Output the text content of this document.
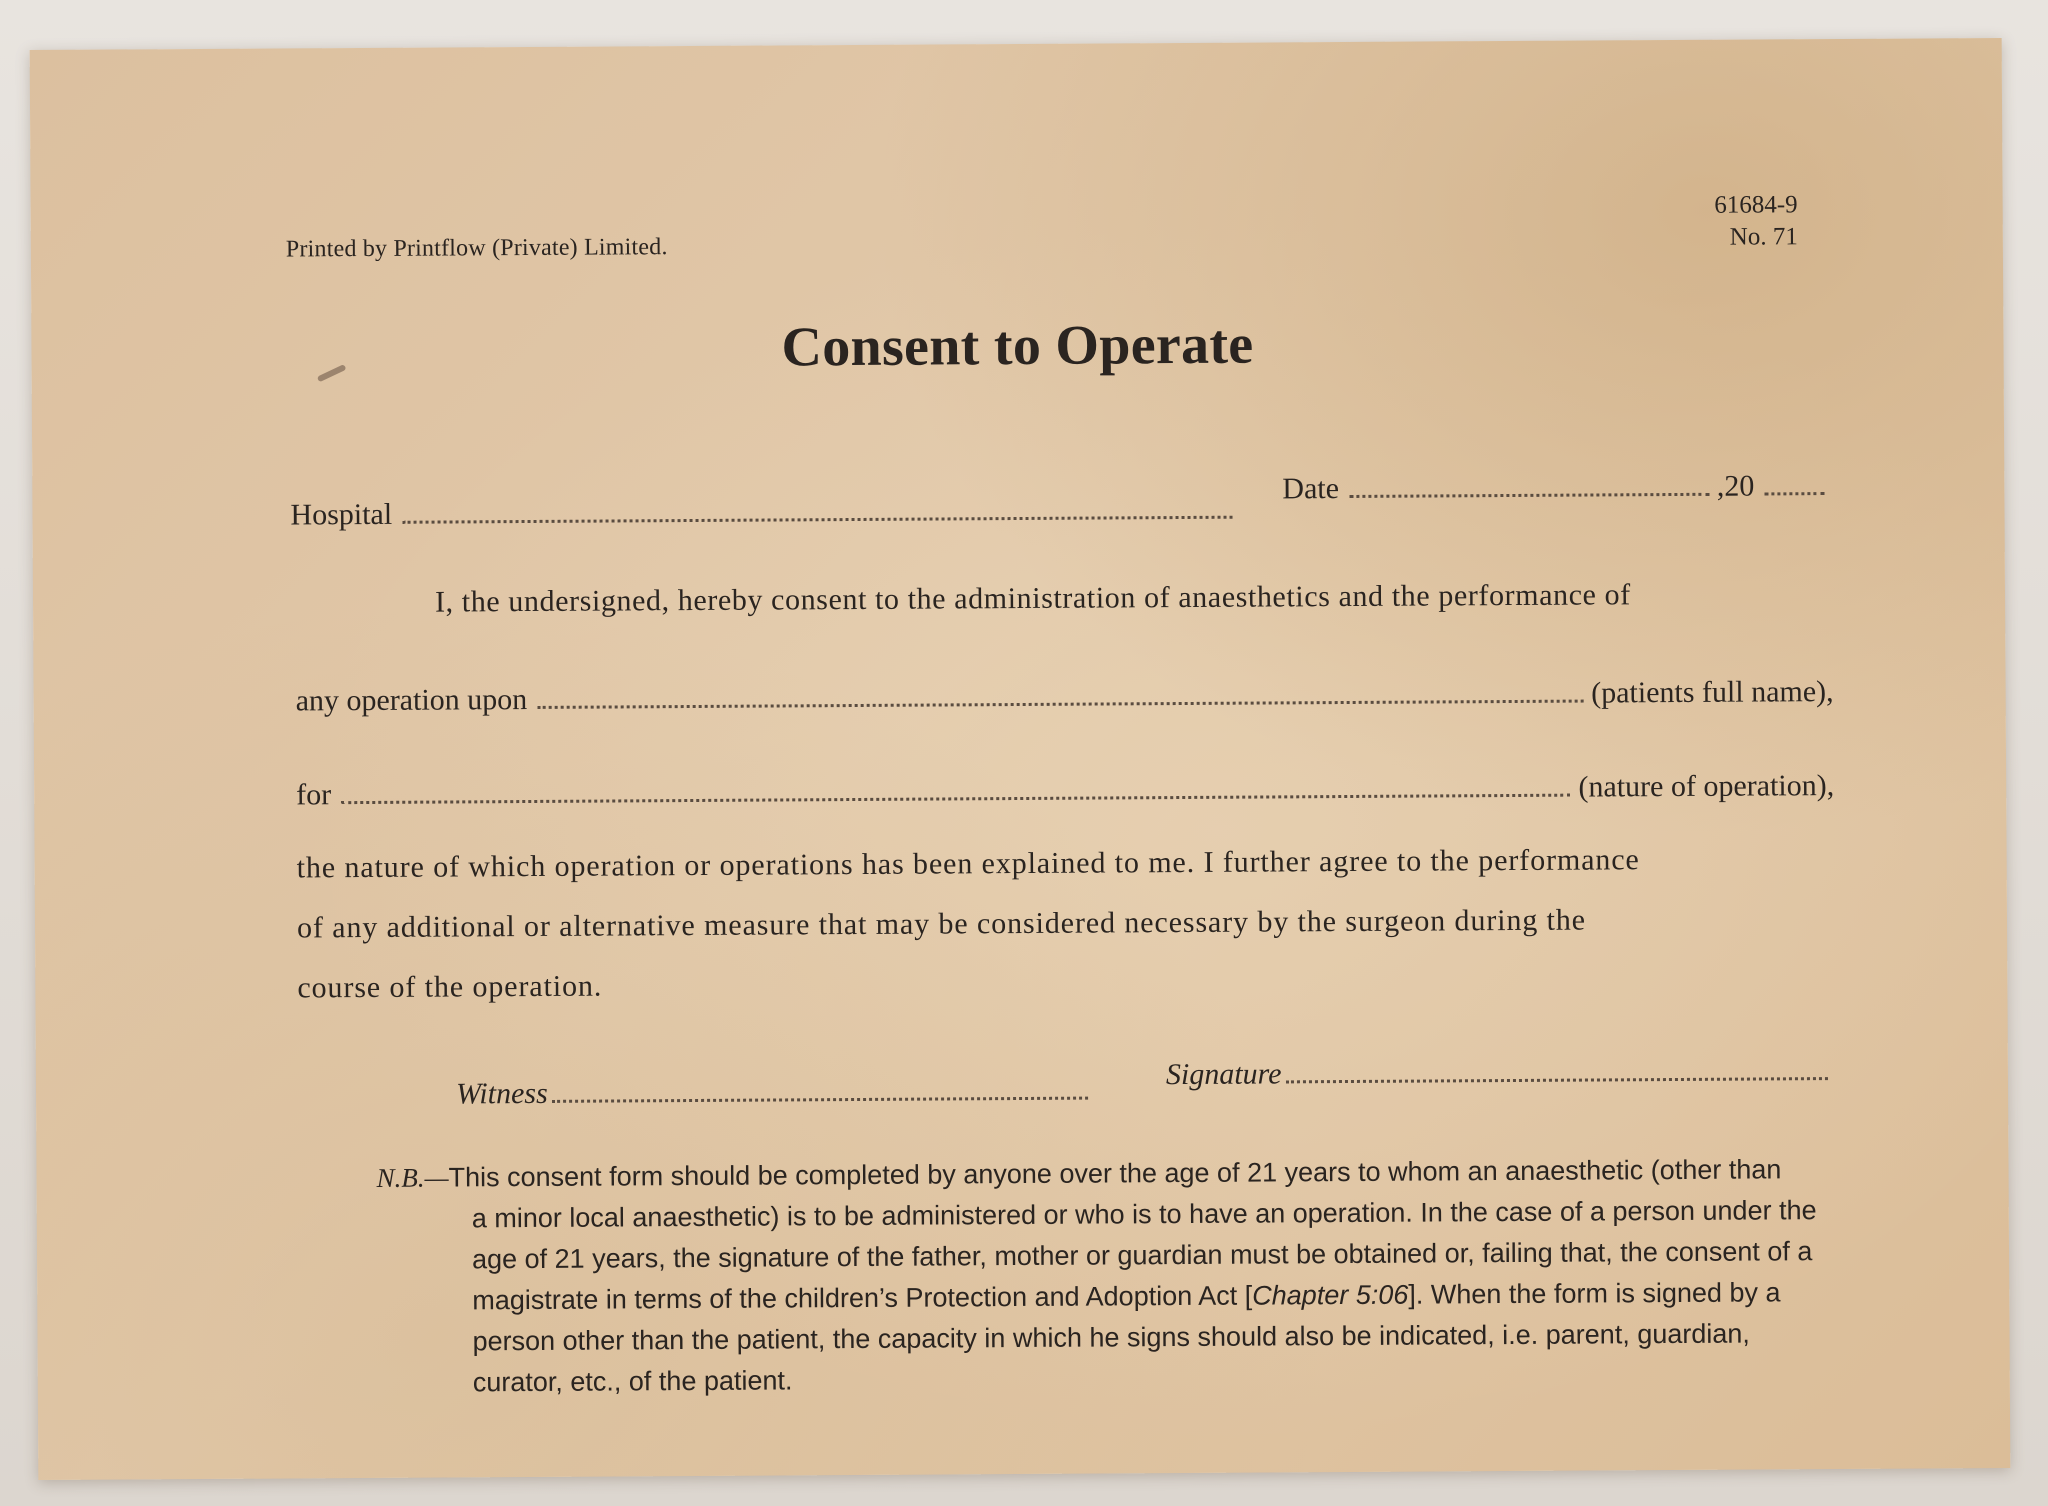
Printed by Printflow (Private) Limited.
61684-9
No. 71
Consent to Operate
Hospital
Date	,20
I, the undersigned, hereby consent to the administration of anaesthetics and the performance of
any operation upon	(patients full name),
for	(nature of operation),
the nature of which operation or operations has been explained to me. I further agree to the performance
of any additional or alternative measure that may be considered necessary by the surgeon during the
course of the operation.
Witness
Signature
N.B.—This consent form should be completed by anyone over the age of 21 years to whom an anaesthetic (other than
a minor local anaesthetic) is to be administered or who is to have an operation. In the case of a person under the
age of 21 years, the signature of the father, mother or guardian must be obtained or, failing that, the consent of a
magistrate in terms of the children’s Protection and Adoption Act [Chapter 5:06]. When the form is signed by a
person other than the patient, the capacity in which he signs should also be indicated, i.e. parent, guardian,
curator, etc., of the patient.
